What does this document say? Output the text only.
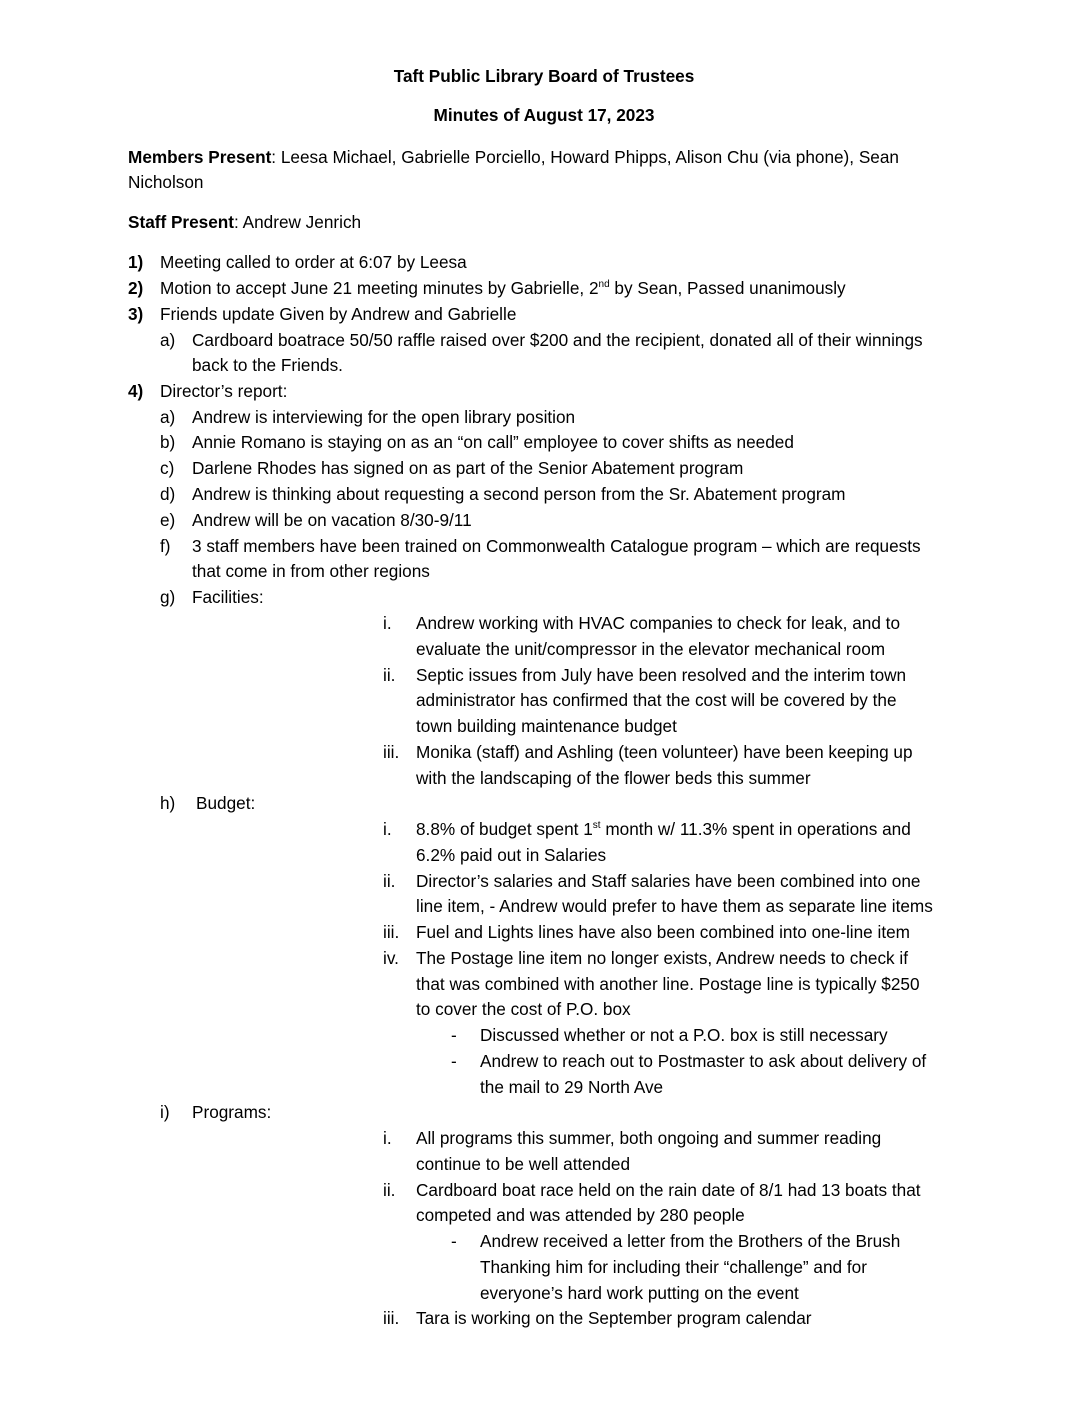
Taft Public Library Board of Trustees
Minutes of August 17, 2023
Members Present: Leesa Michael, Gabrielle Porciello, Howard Phipps, Alison Chu (via phone), Sean
Nicholson
Staff Present: Andrew Jenrich
1) Meeting called to order at 6:07 by Leesa
2) Motion to accept June 21 meeting minutes by Gabrielle, 2nd by Sean, Passed unanimously
3) Friends update Given by Andrew and Gabrielle
a) Cardboard boatrace 50/50 raffle raised over $200 and the recipient, donated all of their winnings
back to the Friends.
4) Director’s report:
a) Andrew is interviewing for the open library position
b) Annie Romano is staying on as an “on call” employee to cover shifts as needed
c) Darlene Rhodes has signed on as part of the Senior Abatement program
d) Andrew is thinking about requesting a second person from the Sr. Abatement program
e) Andrew will be on vacation 8/30-9/11
f) 3 staff members have been trained on Commonwealth Catalogue program – which are requests
that come in from other regions
g) Facilities:
i. Andrew working with HVAC companies to check for leak, and to
evaluate the unit/compressor in the elevator mechanical room
ii. Septic issues from July have been resolved and the interim town
administrator has confirmed that the cost will be covered by the
town building maintenance budget
iii. Monika (staff) and Ashling (teen volunteer) have been keeping up
with the landscaping of the flower beds this summer
h) Budget:
i. 8.8% of budget spent 1st month w/ 11.3% spent in operations and
6.2% paid out in Salaries
ii. Director’s salaries and Staff salaries have been combined into one
line item, - Andrew would prefer to have them as separate line items
iii. Fuel and Lights lines have also been combined into one-line item
iv. The Postage line item no longer exists, Andrew needs to check if
that was combined with another line. Postage line is typically $250
to cover the cost of P.O. box
- Discussed whether or not a P.O. box is still necessary
- Andrew to reach out to Postmaster to ask about delivery of
the mail to 29 North Ave
i) Programs:
i. All programs this summer, both ongoing and summer reading
continue to be well attended
ii. Cardboard boat race held on the rain date of 8/1 had 13 boats that
competed and was attended by 280 people
- Andrew received a letter from the Brothers of the Brush
Thanking him for including their “challenge” and for
everyone’s hard work putting on the event
iii. Tara is working on the September program calendar
